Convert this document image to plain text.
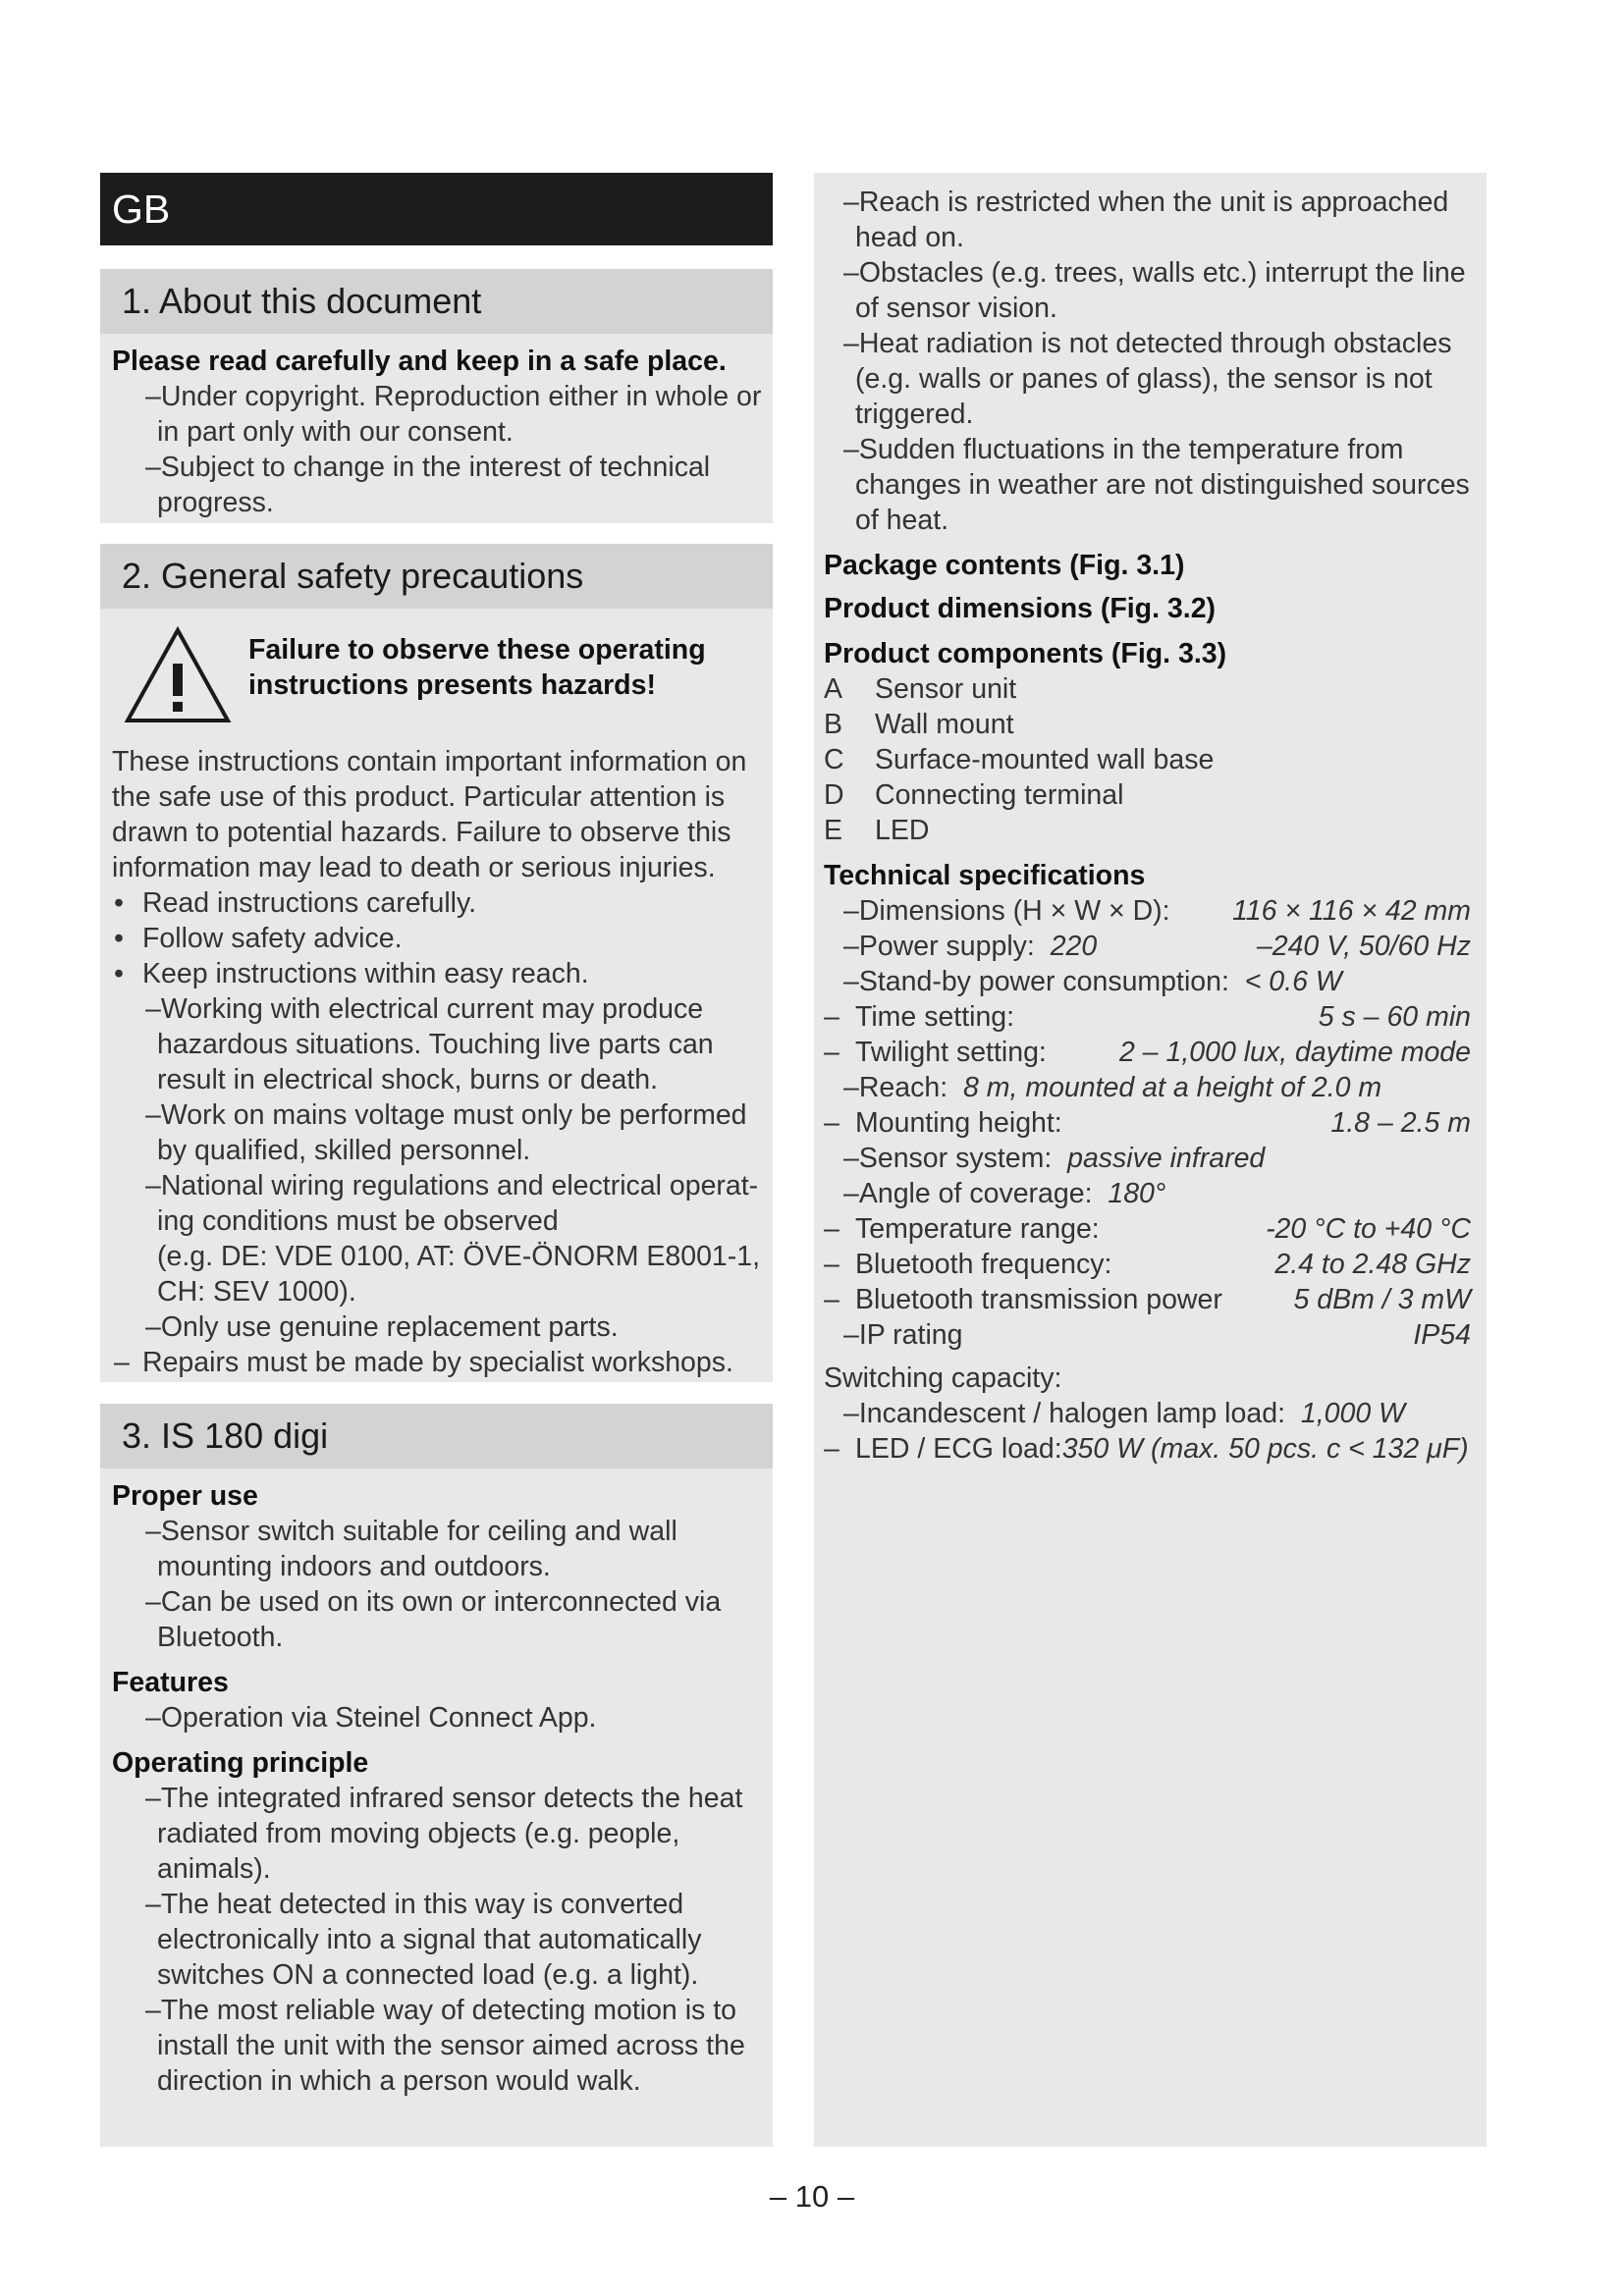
GB
1. About this document
Please read carefully and keep in a safe place.
–Under copyright. Reproduction either in whole or in part only with our consent.
–Subject to change in the interest of technical progress.
2. General safety precautions
Failure to observe these operating instructions presents hazards!
These instructions contain important information on the safe use of this product. Particular attention is drawn to potential hazards. Failure to observe this information may lead to death or serious injuries.
• Read instructions carefully.
• Follow safety advice.
• Keep instructions within easy reach.
–Working with electrical current may produce hazardous situations. Touching live parts can result in electrical shock, burns or death.
–Work on mains voltage must only be performed by qualified, skilled personnel.
–National wiring regulations and electrical operat-ing conditions must be observed
(e.g. DE: VDE 0100, AT: ÖVE-ÖNORM E8001-1, CH: SEV 1000).
–Only use genuine replacement parts.
– Repairs must be made by specialist workshops.
3. IS 180 digi
Proper use
–Sensor switch suitable for ceiling and wall mounting indoors and outdoors.
–Can be used on its own or interconnected via Bluetooth.
Features
–Operation via Steinel Connect App.
Operating principle
–The integrated infrared sensor detects the heat radiated from moving objects (e.g. people, animals).
–The heat detected in this way is converted electronically into a signal that automatically switches ON a connected load (e.g. a light).
–The most reliable way of detecting motion is to install the unit with the sensor aimed across the direction in which a person would walk.
–Reach is restricted when the unit is approached head on.
–Obstacles (e.g. trees, walls etc.) interrupt the line of sensor vision.
–Heat radiation is not detected through obstacles (e.g. walls or panes of glass), the sensor is not triggered.
–Sudden fluctuations in the temperature from changes in weather are not distinguished sources of heat.
Package contents (Fig. 3.1)
Product dimensions (Fig. 3.2)
Product components (Fig. 3.3)
A Sensor unit
B Wall mount
C Surface-mounted wall base
D Connecting terminal
E LED
Technical specifications
–Dimensions (H × W × D): 116 × 116 × 42 mm
–Power supply: 220	–240 V, 50/60 Hz
–Stand-by power consumption: < 0.6 W
– Time setting:	5 s – 60 min
– Twilight setting:	2 – 1,000 lux, daytime mode
–Reach: 8 m, mounted at a height of 2.0 m
– Mounting height:	1.8 – 2.5 m
–Sensor system: passive infrared
–Angle of coverage: 180°
– Temperature range:	-20 °C to +40 °C
– Bluetooth frequency:	2.4 to 2.48 GHz
– Bluetooth transmission power	5 dBm / 3 mW
–IP rating	IP54
Switching capacity:
–Incandescent / halogen lamp load: 1,000 W
– LED / ECG load:350 W (max. 50 pcs. c < 132 μF)
– 10 –
